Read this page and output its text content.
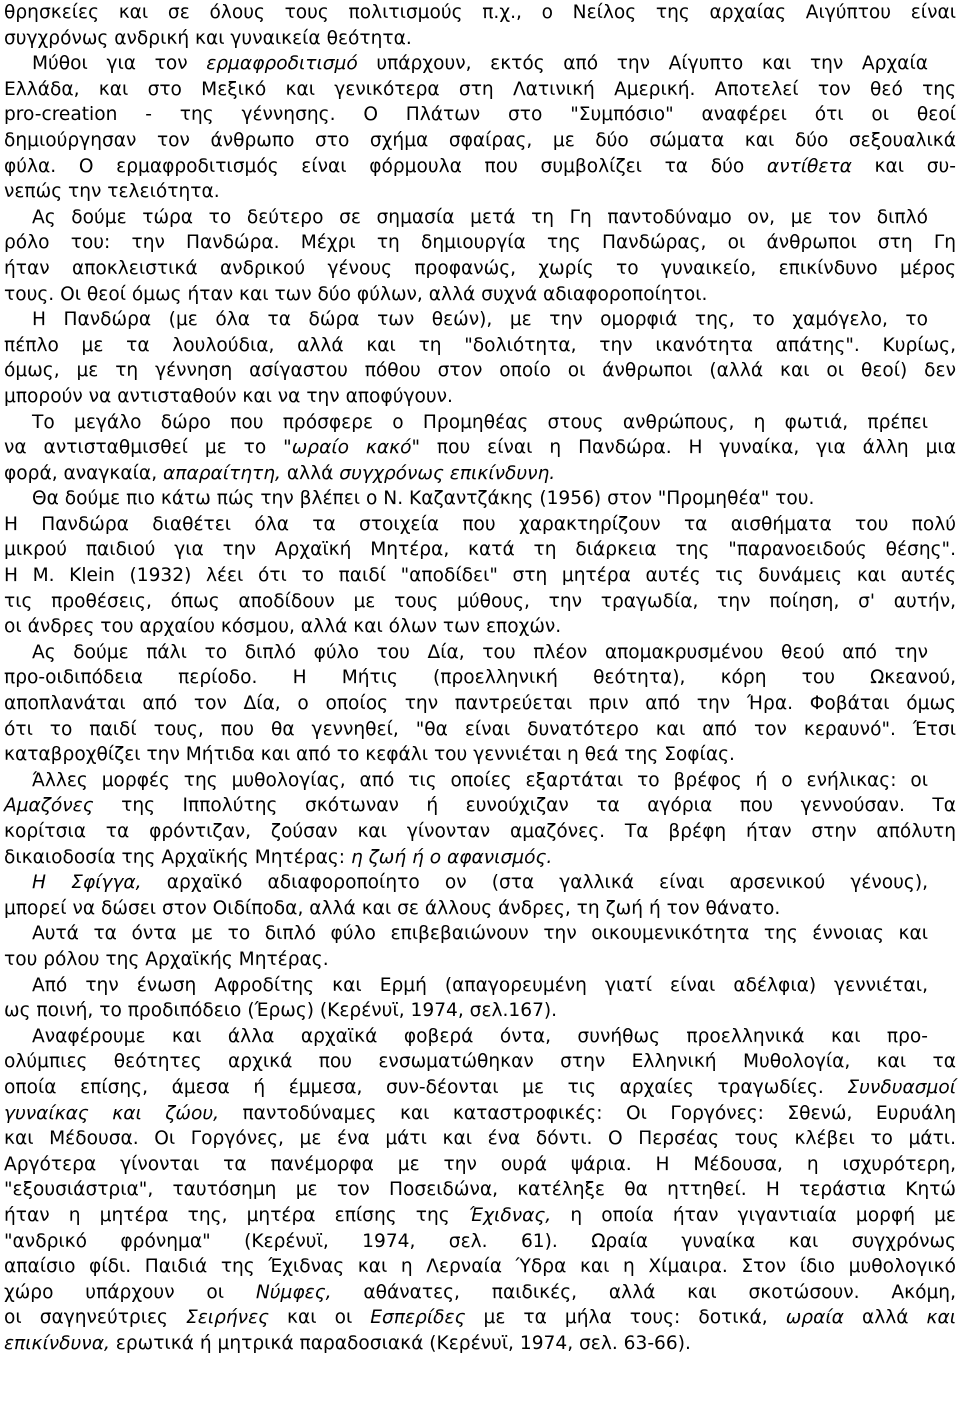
θρησκείες και σε όλους τους πολιτισμούς π.χ., ο Νείλος της αρχαίας Αιγύπτου είναι
συγχρόνως ανδρική και γυναικεία θεότητα.
Μύθοι για τον ερμαφροδιτισμό υπάρχουν, εκτός από την Αίγυπτο και την Αρχαία
Ελλάδα, και στο Μεξικό και γενικότερα στη Λατινική Αμερική. Αποτελεί τον θεό της
pro-creation - της γέννησης. Ο Πλάτων στο "Συμπόσιο" αναφέρει ότι οι θεοί
δημιούργησαν τον άνθρωπο στο σχήμα σφαίρας, με δύο σώματα και δύο σεξουαλικά
φύλα. Ο ερμαφροδιτισμός είναι φόρμουλα που συμβολίζει τα δύο αντίθετα και συ-
νεπώς την τελειότητα.
Ας δούμε τώρα το δεύτερο σε σημασία μετά τη Γη παντοδύναμο ον, με τον διπλό
ρόλο του: την Πανδώρα. Μέχρι τη δημιουργία της Πανδώρας, οι άνθρωποι στη Γη
ήταν αποκλειστικά ανδρικού γένους προφανώς, χωρίς το γυναικείο, επικίνδυνο μέρος
τους. Οι θεοί όμως ήταν και των δύο φύλων, αλλά συχνά αδιαφοροποίητοι.
Η Πανδώρα (με όλα τα δώρα των θεών), με την ομορφιά της, το χαμόγελο, το
πέπλο με τα λουλούδια, αλλά και τη "δολιότητα, την ικανότητα απάτης". Κυρίως,
όμως, με τη γέννηση ασίγαστου πόθου στον οποίο οι άνθρωποι (αλλά και οι θεοί) δεν
μπορούν να αντισταθούν και να την αποφύγουν.
Το μεγάλο δώρο που πρόσφερε ο Προμηθέας στους ανθρώπους, η φωτιά, πρέπει
να αντισταθμισθεί με το "ωραίο κακό" που είναι η Πανδώρα. Η γυναίκα, για άλλη μια
φορά, αναγκαία, απαραίτητη, αλλά συγχρόνως επικίνδυνη.
Θα δούμε πιο κάτω πώς την βλέπει ο Ν. Καζαντζάκης (1956) στον "Προμηθέα" του.
Η Πανδώρα διαθέτει όλα τα στοιχεία που χαρακτηρίζουν τα αισθήματα του πολύ
μικρού παιδιού για την Αρχαϊκή Μητέρα, κατά τη διάρκεια της "παρανοειδούς θέσης".
Η M. Klein (1932) λέει ότι το παιδί "αποδίδει" στη μητέρα αυτές τις δυνάμεις και αυτές
τις προθέσεις, όπως αποδίδουν με τους μύθους, την τραγωδία, την ποίηση, σ' αυτήν,
οι άνδρες του αρχαίου κόσμου, αλλά και όλων των εποχών.
Ας δούμε πάλι το διπλό φύλο του Δία, του πλέον απομακρυσμένου θεού από την
προ-οιδιπόδεια περίοδο. Η Μήτις (προελληνική θεότητα), κόρη του Ωκεανού,
αποπλανάται από τον Δία, ο οποίος την παντρεύεται πριν από την Ήρα. Φοβάται όμως
ότι το παιδί τους, που θα γεννηθεί, "θα είναι δυνατότερο και από τον κεραυνό". Έτσι
καταβροχθίζει την Μήτιδα και από το κεφάλι του γεννιέται η θεά της Σοφίας.
Άλλες μορφές της μυθολογίας, από τις οποίες εξαρτάται το βρέφος ή ο ενήλικας: οι
Αμαζόνες της Ιππολύτης σκότωναν ή ευνούχιζαν τα αγόρια που γεννούσαν. Τα
κορίτσια τα φρόντιζαν, ζούσαν και γίνονταν αμαζόνες. Τα βρέφη ήταν στην απόλυτη
δικαιοδοσία της Αρχαϊκής Μητέρας: η ζωή ή ο αφανισμός.
Η Σφίγγα, αρχαϊκό αδιαφοροποίητο ον (στα γαλλικά είναι αρσενικού γένους),
μπορεί να δώσει στον Οιδίποδα, αλλά και σε άλλους άνδρες, τη ζωή ή τον θάνατο.
Αυτά τα όντα με το διπλό φύλο επιβεβαιώνουν την οικουμενικότητα της έννοιας και
του ρόλου της Αρχαϊκής Μητέρας.
Από την ένωση Αφροδίτης και Ερμή (απαγορευμένη γιατί είναι αδέλφια) γεννιέται,
ως ποινή, το προδιπόδειο (Έρως) (Κερένυϊ, 1974, σελ.167).
Αναφέρουμε και άλλα αρχαϊκά φοβερά όντα, συνήθως προελληνικά και προ-
ολύμπιες θεότητες αρχικά που ενσωματώθηκαν στην Ελληνική Μυθολογία, και τα
οποία επίσης, άμεσα ή έμμεσα, συν-δέονται με τις αρχαίες τραγωδίες. Συνδυασμοί
γυναίκας και ζώου, παντοδύναμες και καταστροφικές: Οι Γοργόνες: Σθενώ, Ευρυάλη
και Μέδουσα. Οι Γοργόνες, με ένα μάτι και ένα δόντι. Ο Περσέας τους κλέβει το μάτι.
Αργότερα γίνονται τα πανέμορφα με την ουρά ψάρια. Η Μέδουσα, η ισχυρότερη,
"εξουσιάστρια", ταυτόσημη με τον Ποσειδώνα, κατέληξε θα ηττηθεί. Η τεράστια Κητώ
ήταν η μητέρα της, μητέρα επίσης της Έχιδνας, η οποία ήταν γιγαντιαία μορφή με
"ανδρικό φρόνημα" (Κερένυϊ, 1974, σελ. 61). Ωραία γυναίκα και συγχρόνως
απαίσιο φίδι. Παιδιά της Έχιδνας και η Λερναία Ύδρα και η Χίμαιρα. Στον ίδιο μυθολογικό
χώρο υπάρχουν οι Νύμφες, αθάνατες, παιδικές, αλλά και σκοτώσουν. Ακόμη,
οι σαγηνεύτριες Σειρήνες και οι Εσπερίδες με τα μήλα τους: δοτικά, ωραία αλλά και
επικίνδυνα, ερωτικά ή μητρικά παραδοσιακά (Κερένυϊ, 1974, σελ. 63-66).
